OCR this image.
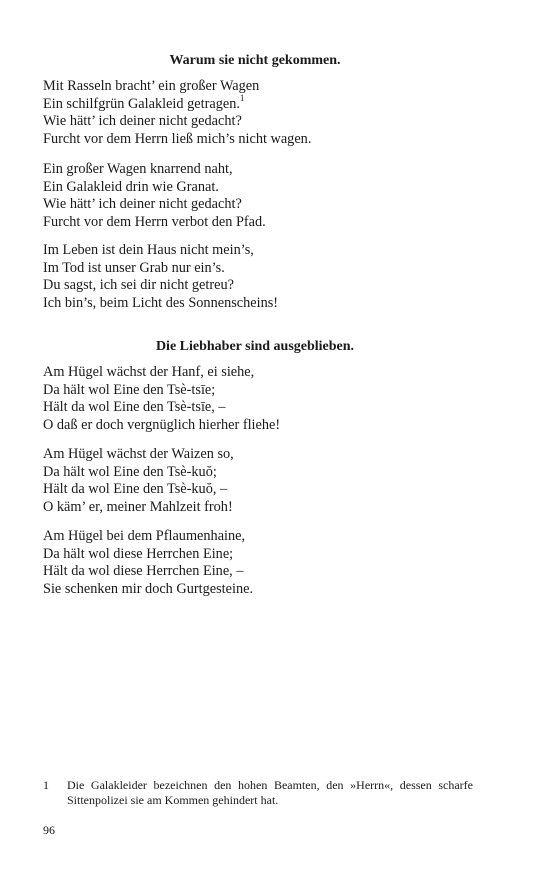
Warum sie nicht gekommen.
Mit Rasseln bracht’ ein großer Wagen
Ein schilfgrün Galakleid getragen.$^1$
Wie hätt’ ich deiner nicht gedacht?
Furcht vor dem Herrn ließ mich’s nicht wagen.
Ein großer Wagen knarrend naht,
Ein Galakleid drin wie Granat.
Wie hätt’ ich deiner nicht gedacht?
Furcht vor dem Herrn verbot den Pfad.
Im Leben ist dein Haus nicht mein’s,
Im Tod ist unser Grab nur ein’s.
Du sagst, ich sei dir nicht getreu?
Ich bin’s, beim Licht des Sonnenscheins!
Die Liebhaber sind ausgeblieben.
Am Hügel wächst der Hanf, ei siehe,
Da hält wol Eine den Tsè-tsīe;
Hält da wol Eine den Tsè-tsīe, –
O daß er doch vergnüglich hierher fliehe!
Am Hügel wächst der Waizen so,
Da hält wol Eine den Tsè-kuŏ;
Hält da wol Eine den Tsè-kuŏ, –
O käm’ er, meiner Mahlzeit froh!
Am Hügel bei dem Pflaumenhaine,
Da hält wol diese Herrchen Eine;
Hält da wol diese Herrchen Eine, –
Sie schenken mir doch Gurtgesteine.
1 Die Galakleider bezeichnen den hohen Beamten, den »Herrn«, dessen scharfe Sittenpolizei sie am Kommen gehindert hat.
96
